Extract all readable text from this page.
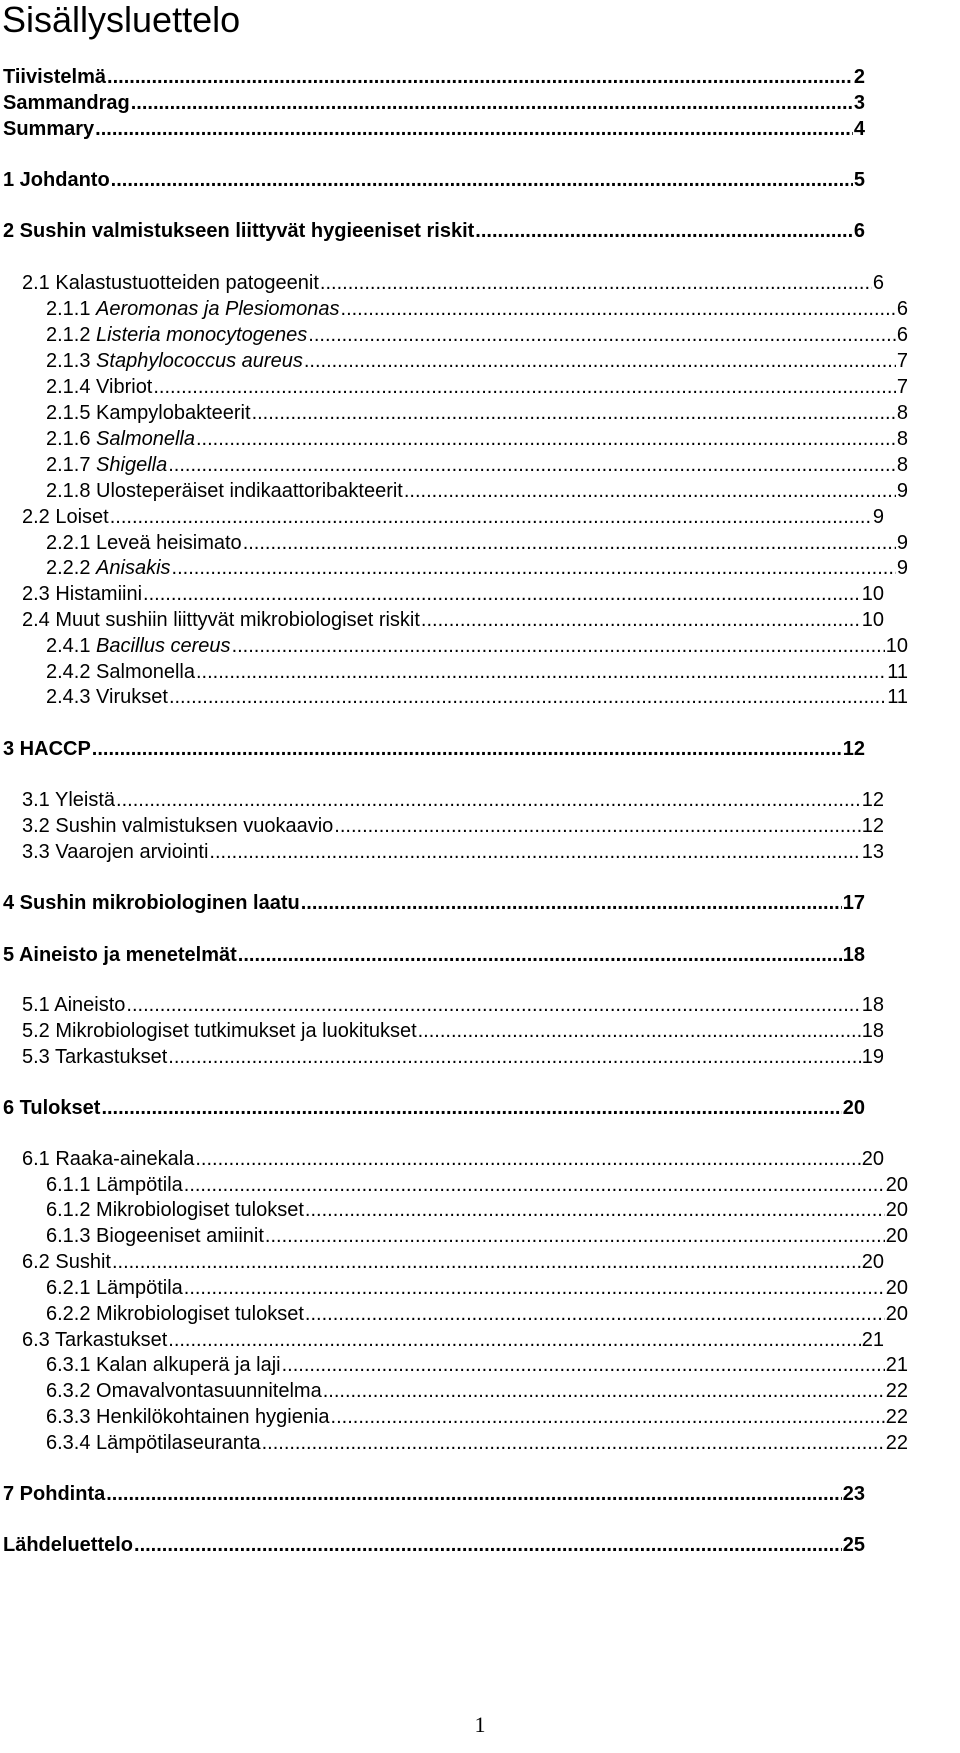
Sisällysluettelo
Tiivistelmä .....	2
Sammandrag .....	3
Summary .....	4
1 Johdanto .....	5
2 Sushin valmistukseen liittyvät hygieeniset riskit .....	6
2.1 Kalastustuotteiden patogeenit .....	6
2.1.1 Aeromonas ja Plesiomonas .....	6
2.1.2 Listeria monocytogenes .....	6
2.1.3 Staphylococcus aureus .....	7
2.1.4 Vibriot .....	7
2.1.5 Kampylobakteerit .....	8
2.1.6 Salmonella .....	8
2.1.7 Shigella .....	8
2.1.8 Ulosteperäiset indikaattoribakteerit .....	9
2.2 Loiset .....	9
2.2.1 Leveä heisimato .....	9
2.2.2 Anisakis .....	9
2.3 Histamiini .....	10
2.4 Muut sushiin liittyvät mikrobiologiset riskit .....	10
2.4.1 Bacillus cereus .....	10
2.4.2 Salmonella .....	11
2.4.3 Virukset .....	11
3 HACCP .....	12
3.1 Yleistä .....	12
3.2 Sushin valmistuksen vuokaavio .....	12
3.3 Vaarojen arviointi .....	13
4 Sushin mikrobiologinen laatu .....	17
5 Aineisto ja menetelmät .....	18
5.1 Aineisto .....	18
5.2 Mikrobiologiset tutkimukset ja luokitukset .....	18
5.3 Tarkastukset .....	19
6 Tulokset .....	20
6.1 Raaka-ainekala .....	20
6.1.1 Lämpötila .....	20
6.1.2 Mikrobiologiset tulokset .....	20
6.1.3 Biogeeniset amiinit .....	20
6.2 Sushit .....	20
6.2.1 Lämpötila .....	20
6.2.2 Mikrobiologiset tulokset .....	20
6.3 Tarkastukset .....	21
6.3.1 Kalan alkuperä ja laji .....	21
6.3.2 Omavalvontasuunnitelma .....	22
6.3.3 Henkilökohtainen hygienia .....	22
6.3.4 Lämpötilaseuranta .....	22
7 Pohdinta .....	23
Lähdeluettelo .....	25
1
